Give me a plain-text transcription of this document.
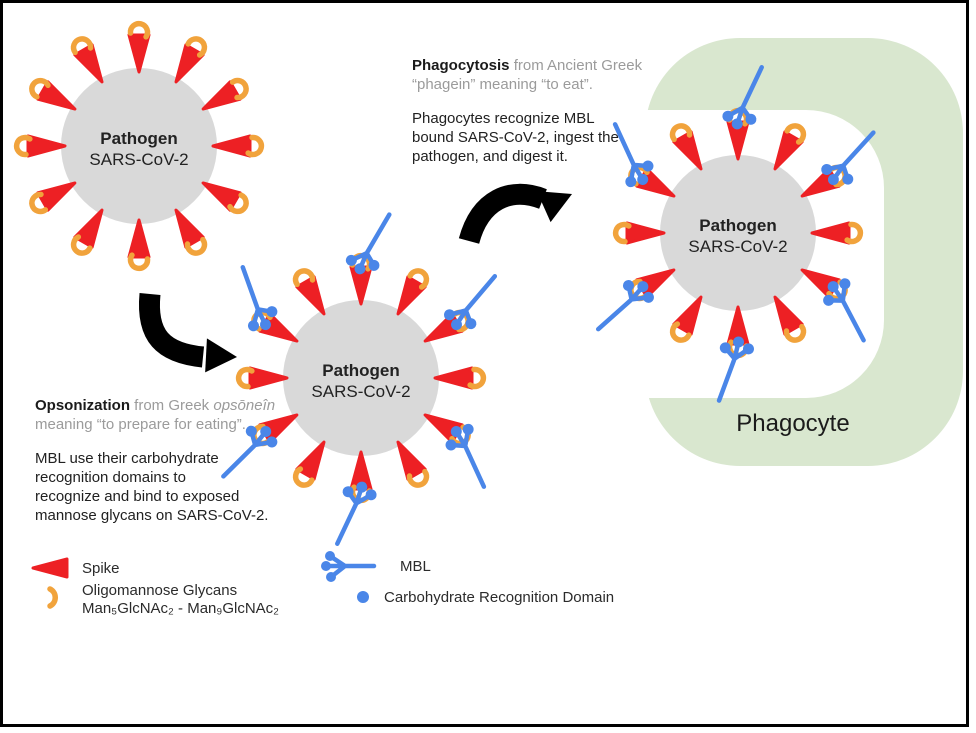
Phagocyte
Pathogen
SARS-CoV-2
Pathogen
SARS-CoV-2
Pathogen
SARS-CoV-2
Phagocytosis from Ancient Greek
“phagein” meaning “to eat”.
Phagocytes recognize MBL
bound SARS-CoV-2, ingest the
pathogen, and digest it.
Opsonization from Greek opsōneîn
meaning “to prepare for eating”.
MBL use their carbohydrate
recognition domains to
recognize and bind to exposed
mannose glycans on SARS-CoV-2.
Spike
Oligomannose Glycans
Man₅GlcNAc₂ - Man₉GlcNAc₂
MBL
Carbohydrate Recognition Domain
